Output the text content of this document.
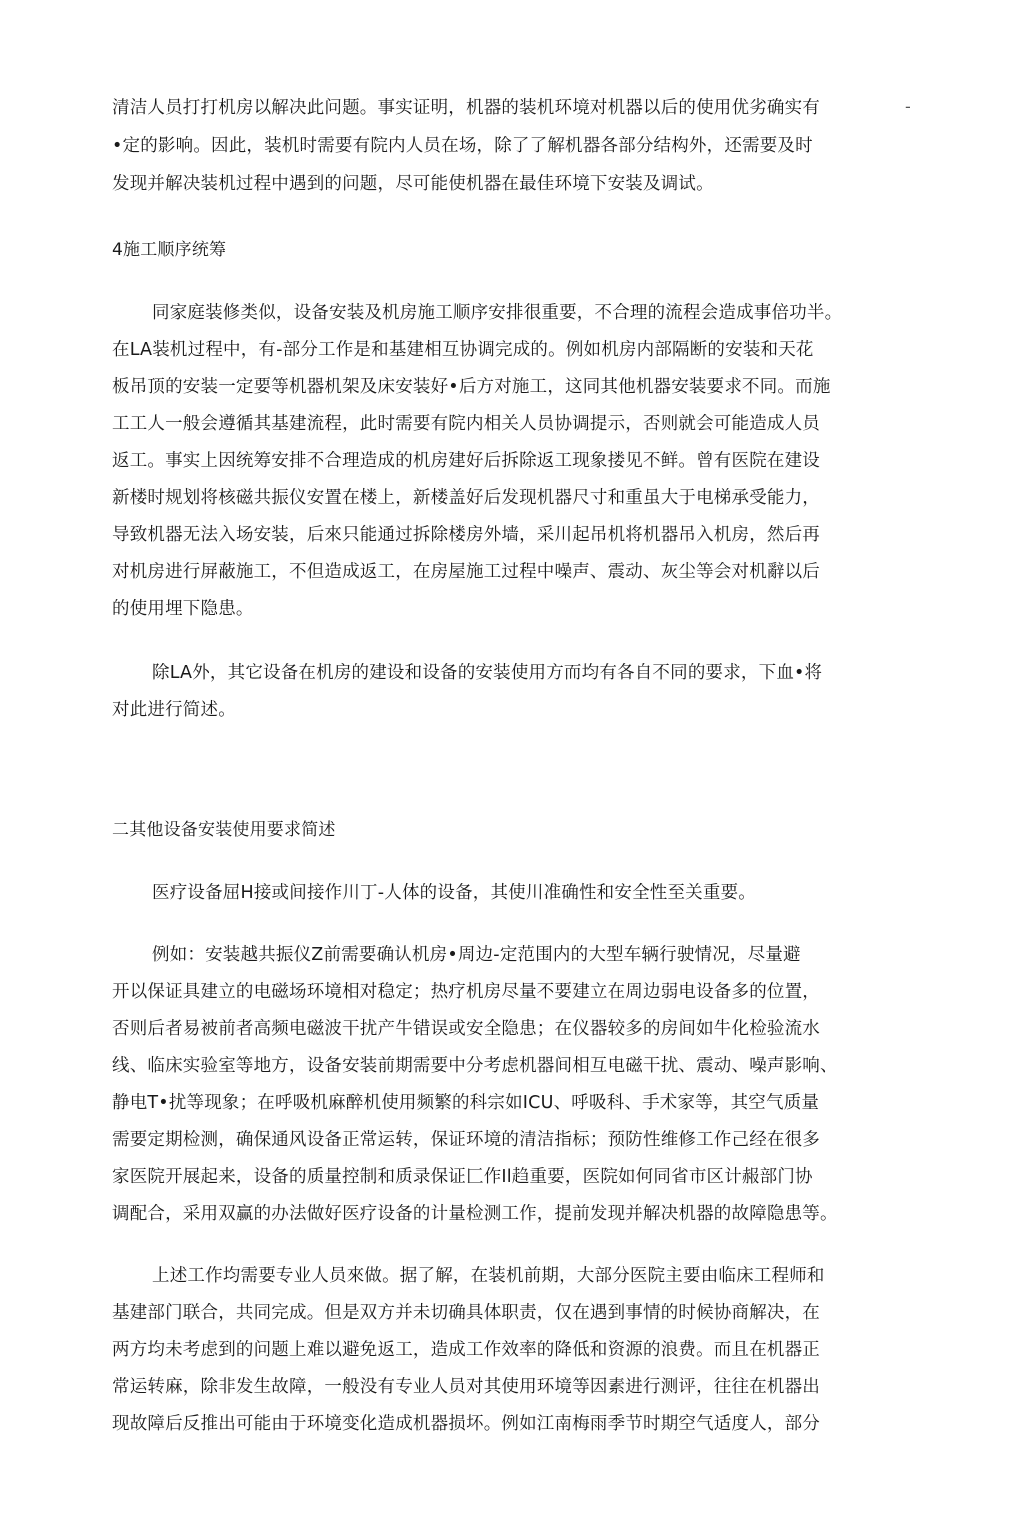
-
清洁人员打打机房以解决此问题。事实证明，机器的装机环境对机器以后的使用优劣确实有
•定的影响。因此，装机时需要有院内人员在场，除了了解机器各部分结构外，还需要及时
发现并解决装机过程中遇到的问题，尽可能使机器在最佳环境下安装及调试。
4施工顺序统筹
同家庭装修类似，设备安装及机房施工顺序安排很重要，不合理的流程会造成事倍功半。
在LA装机过程中，有-部分工作是和基建相互协调完成的。例如机房内部隔断的安装和天花
板吊顶的安装一定要等机器机架及床安装好•后方对施工，这同其他机器安装要求不同。而施
工工人一般会遵循其基建流程，此时需要有院内相关人员协调提示，否则就会可能造成人员
返工。事实上因统筹安排不合理造成的机房建好后拆除返工现象搂见不鲜。曾有医院在建设
新楼时规划将核磁共振仪安置在楼上，新楼盖好后发现机器尺寸和重虽大于电梯承受能力，
导致机器无法入场安装，后來只能通过拆除楼房外墙，采川起吊机将机器吊入机房，然后再
对机房进行屏蔽施工，不但造成返工，在房屋施工过程中噪声、震动、灰尘等会对机辭以后
的使用埋下隐患。
除LA外，其它设备在机房的建设和设备的安装使用方而均有各自不同的要求，下血•将
对此进行简述。
二其他设备安装使用要求简述
医疗设备屈H接或间接作川丁-人体的设备，其使川准确性和安全性至关重要。
例如：安装越共振仪Z前需要确认机房•周边-定范围内的大型车辆行驶情况，尽量避
开以保证具建立的电磁场环境相对稳定；热疗机房尽量不要建立在周边弱电设备多的位置，
否则后者易被前者高频电磁波干扰产牛错误或安全隐患；在仪器较多的房间如牛化检验流水
线、临床实验室等地方，设备安装前期需要中分考虑机器间相互电磁干扰、震动、噪声影响、
静电T•扰等现象；在呼吸机麻醉机使用频繁的科宗如ICU、呼吸科、手术家等，其空气质量
需要定期检测，确保通风设备正常运转，保证环境的清洁指标；预防性维修工作己经在很多
家医院开展起来，设备的质量控制和质录保证匚作Il趋重要，医院如何同省市区计赧部门协
调配合，采用双赢的办法做好医疗设备的计量检测工作，提前发现并解决机器的故障隐患等。
上述工作均需要专业人员來做。据了解，在装机前期，大部分医院主要由临床工程师和
基建部门联合，共同完成。但是双方并未切确具体职责，仅在遇到事情的时候协商解决，在
两方均未考虑到的问题上难以避免返工，造成工作效率的降低和资源的浪费。而且在机器正
常运转麻，除非发生故障，一般没有专业人员对其使用环境等因素进行测评，往往在机器出
现故障后反推出可能由于环境变化造成机器损坏。例如江南梅雨季节时期空气适度人，部分
